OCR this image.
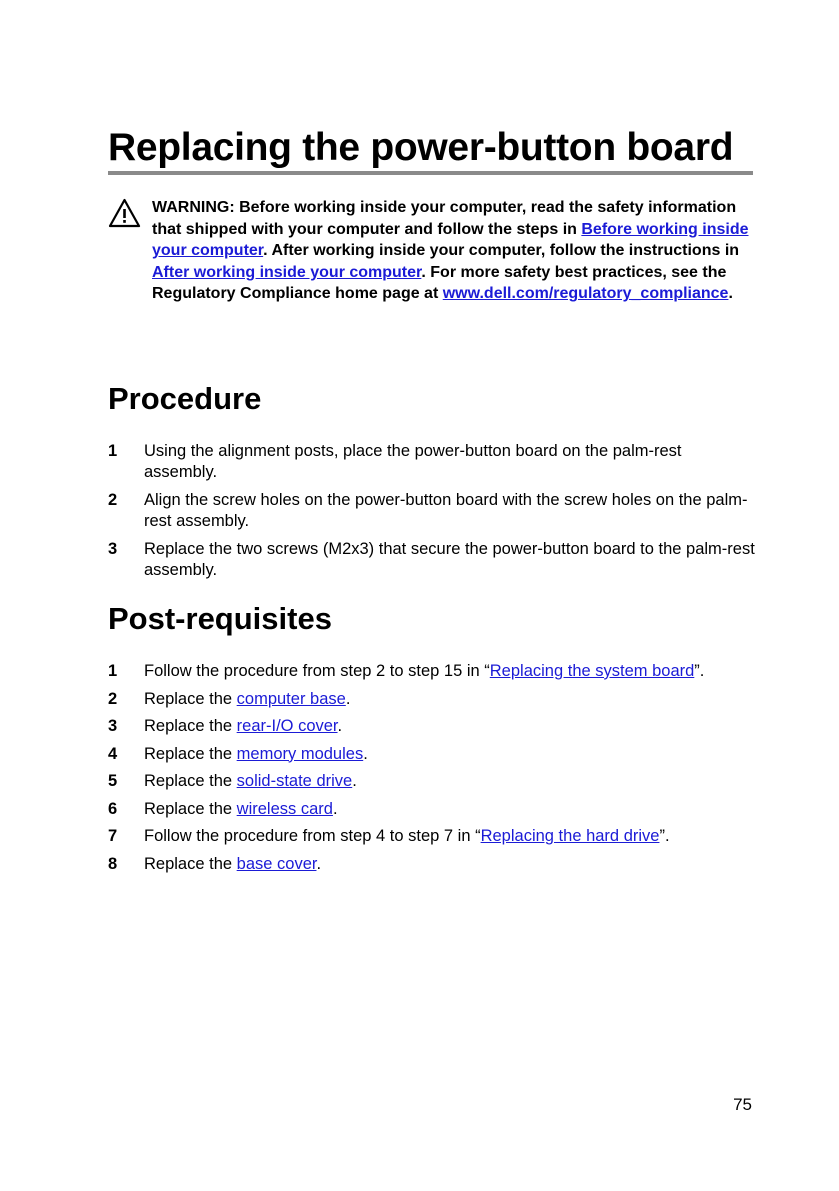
Replacing the power-button board
WARNING: Before working inside your computer, read the safety information that shipped with your computer and follow the steps in Before working inside your computer. After working inside your computer, follow the instructions in After working inside your computer. For more safety best practices, see the Regulatory Compliance home page at www.dell.com/regulatory_compliance.
Procedure
1 Using the alignment posts, place the power-button board on the palm-rest assembly.
2 Align the screw holes on the power-button board with the screw holes on the palm-rest assembly.
3 Replace the two screws (M2x3) that secure the power-button board to the palm-rest assembly.
Post-requisites
1 Follow the procedure from step 2 to step 15 in “Replacing the system board”.
2 Replace the computer base.
3 Replace the rear-I/O cover.
4 Replace the memory modules.
5 Replace the solid-state drive.
6 Replace the wireless card.
7 Follow the procedure from step 4 to step 7 in “Replacing the hard drive”.
8 Replace the base cover.
75
